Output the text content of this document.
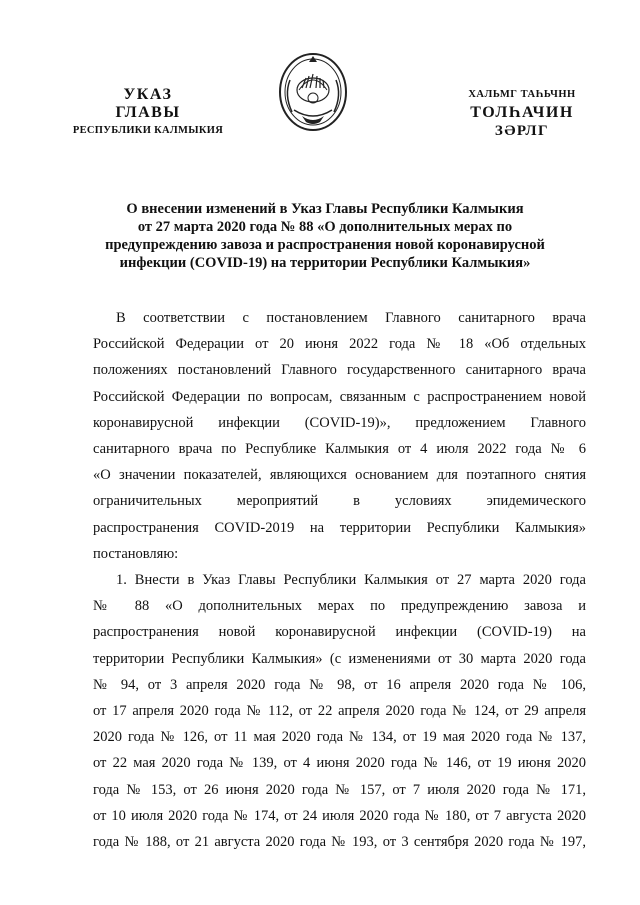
УКАЗ
ГЛАВЫ
РЕСПУБЛИКИ КАЛМЫКИЯ
ХАЛЬМГ ТАҺЬЧНН
ТОЛҺАЧИН
ЗӘРЛГ
О внесении изменений в Указ Главы Республики Калмыкия
от 27 марта 2020 года № 88 «О дополнительных мерах по
предупреждению завоза и распространения новой коронавирусной
инфекции (COVID-19) на территории Республики Калмыкия»
В соответствии с постановлением Главного санитарного врача
Российской Федерации от 20 июня 2022 года № 18 «Об отдельных
положениях постановлений Главного государственного санитарного врача
Российской Федерации по вопросам, связанным с распространением новой
коронавирусной инфекции (COVID-19)», предложением Главного
санитарного врача по Республике Калмыкия от 4 июля 2022 года № 6
«О значении показателей, являющихся основанием для поэтапного снятия
ограничительных мероприятий в условиях эпидемического
распространения COVID-2019 на территории Республики Калмыкия»
постановляю:
1. Внести в Указ Главы Республики Калмыкия от 27 марта 2020 года
№ 88 «О дополнительных мерах по предупреждению завоза и
распространения новой коронавирусной инфекции (COVID-19) на
территории Республики Калмыкия» (с изменениями от 30 марта 2020 года
№ 94, от 3 апреля 2020 года № 98, от 16 апреля 2020 года № 106,
от 17 апреля 2020 года № 112, от 22 апреля 2020 года № 124, от 29 апреля
2020 года № 126, от 11 мая 2020 года № 134, от 19 мая 2020 года № 137,
от 22 мая 2020 года № 139, от 4 июня 2020 года № 146, от 19 июня 2020
года № 153, от 26 июня 2020 года № 157, от 7 июля 2020 года № 171,
от 10 июля 2020 года № 174, от 24 июля 2020 года № 180, от 7 августа 2020
года № 188, от 21 августа 2020 года № 193, от 3 сентября 2020 года № 197,
